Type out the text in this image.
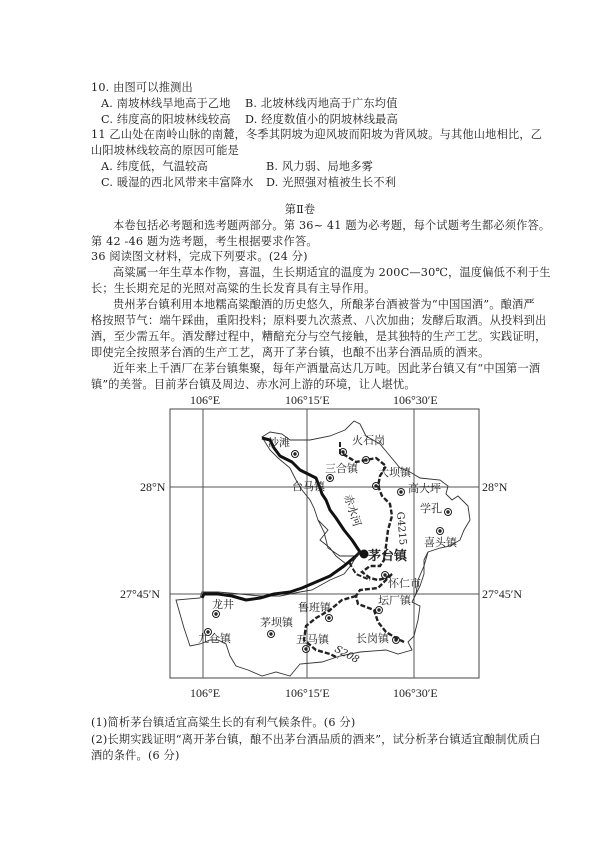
10. 由图可以推测出
A. 南坡林线旱地高于乙地 B. 北坡林线丙地高于广东均值
C. 纬度高的阳坡林线较高 D. 经度数值小的阴坡林线最高
11 乙山处在南岭山脉的南麓，冬季其阴坡为迎风坡而阳坡为背风坡。与其他山地相比，乙
山阳坡林线较高的原因可能是
A. 纬度低，气温较高	B. 风力弱、局地多雾
C. 暖湿的西北风带来丰富降水 D. 光照强对植被生长不利
第Ⅱ卷
本卷包括必考题和选考题两部分。第 36~ 41 题为必考题，每个试题考生都必须作答。
第 42 -46 题为选考题，考生根据要求作答。
36 阅读图文材料，完成下列要求。(24 分)
高粱属一年生草本作物，喜温，生长期适宜的温度为 200C—30℃，温度偏低不利于生
长；生长期充足的光照对高粱的生长发育具有主导作用。
贵州茅台镇利用本地糯高粱酿酒的历史悠久，所酿茅台酒被誉为“中国国酒”。酿酒严
格按照节气：端午踩曲，重阳投料；原料要九次蒸煮、八次加曲；发酵后取酒。从投料到出
酒，至少需五年。酒发酵过程中，糟醅充分与空气接触，是其独特的生产工艺。实践证明，
即使完全按照茅台酒的生产工艺，离开了茅台镇，也酿不出茅台酒品质的酒来。
近年来上千酒厂在茅台镇集聚，每年产酒量高达几万吨。因此茅台镇又有“中国第一酒
镇”的美誉。目前茅台镇及周边、赤水河上游的环境，让人堪忧。
106°E	106°15′E	106°30′E
106°E	106°15′E	106°30′E
28°N	28°N
27°45′N	27°45′N
沙滩	火石岗
三合镇 大坝镇
台马镇	高大坪
学孔
喜头镇
怀仁市
坛厂镇
龙井	鲁班镇
茅坝镇
五马镇
九仓镇	长岗镇
茅台镇
赤水河
G4215
S208
(1)简析茅台镇适宜高粱生长的有利气候条件。(6 分)
(2)长期实践证明“离开茅台镇，酿不出茅台酒品质的酒来”，试分析茅台镇适宜酿制优质白
酒的条件。(6 分)
